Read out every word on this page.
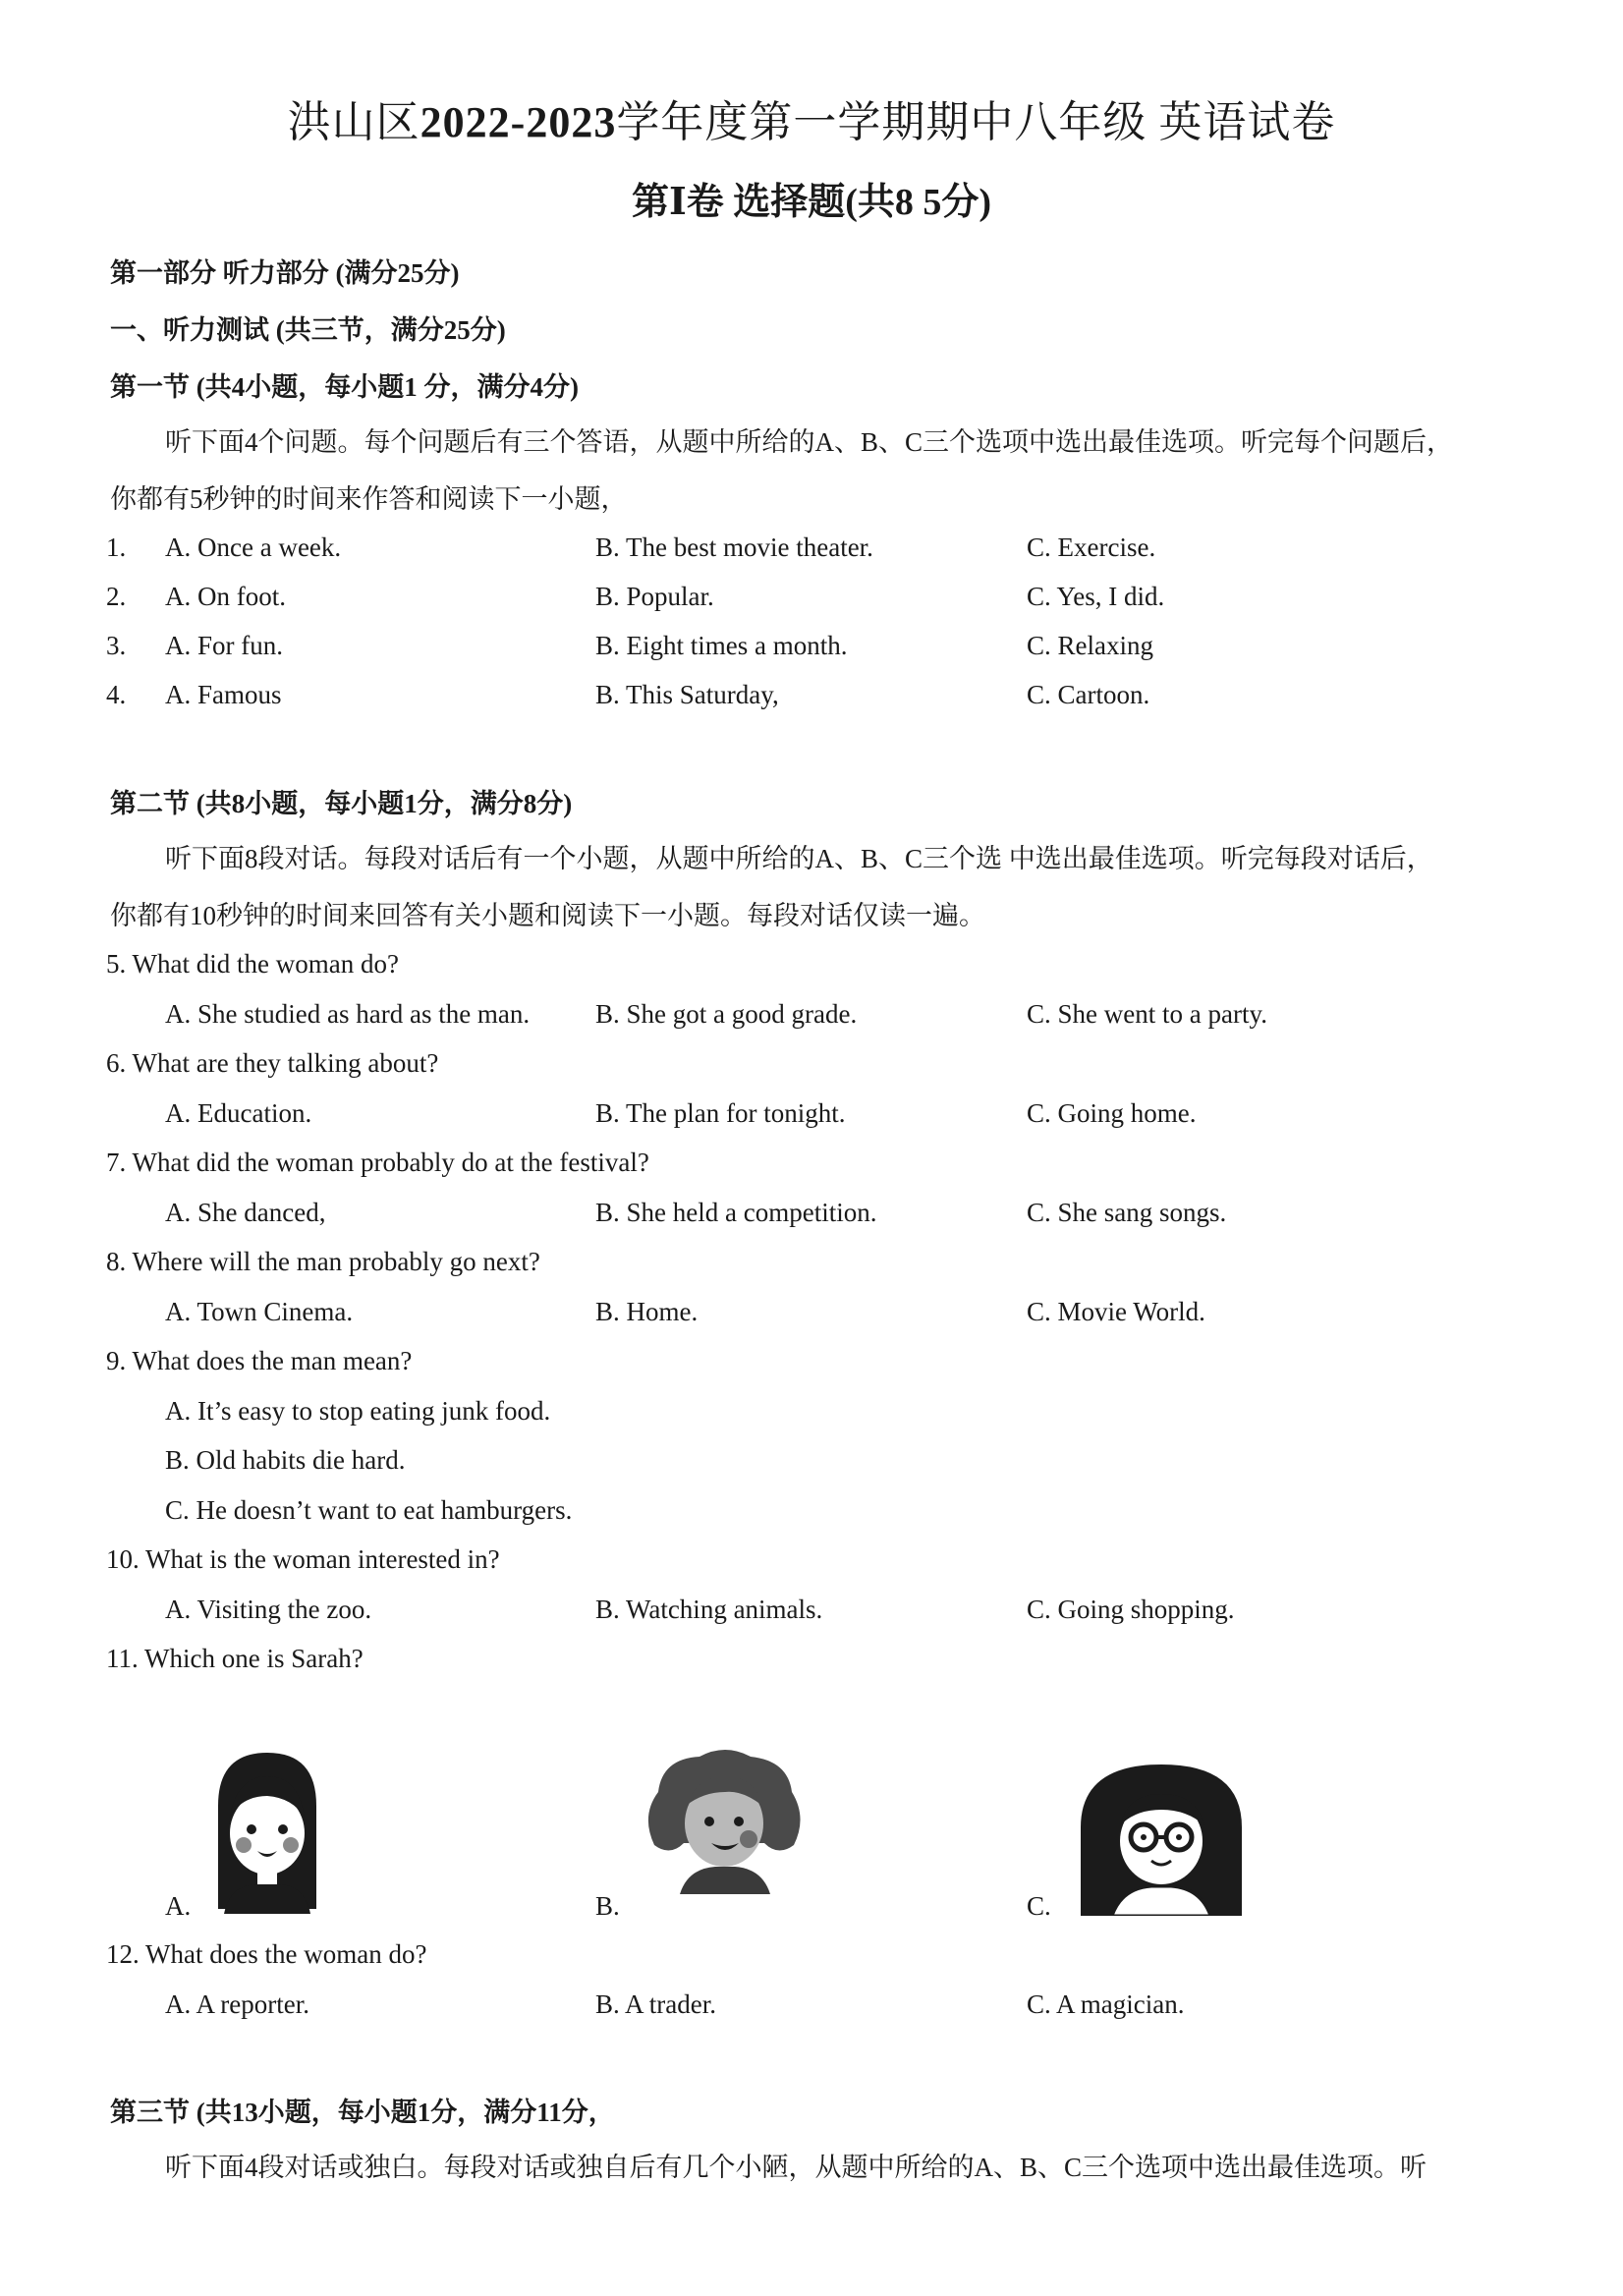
洪山区2022-2023学年度第一学期期中八年级 英语试卷
第Ⅰ卷 选择题(共8 5分)
第一部分 听力部分 (满分25分)
一、听力测试 (共三节，满分25分)
第一节 (共4小题，每小题1 分，满分4分)
听下面4个问题。每个问题后有三个答语，从题中所给的A、B、C三个选项中选出最佳选项。听完每个问题后，
你都有5秒钟的时间来作答和阅读下一小题，
1. A. Once a week.	B. The best movie theater.	C. Exercise.
2. A. On foot.	B. Popular.	C. Yes, I did.
3. A. For fun.	B. Eight times a month.	C. Relaxing
4. A. Famous	B. This Saturday,	C. Cartoon.
第二节 (共8小题，每小题1分，满分8分)
听下面8段对话。每段对话后有一个小题，从题中所给的A、B、C三个选 中选出最佳选项。听完每段对话后，
你都有10秒钟的时间来回答有关小题和阅读下一小题。每段对话仅读一遍。
5. What did the woman do?
A. She studied as hard as the man. B. She got a good grade.	C. She went to a party.
6. What are they talking about?
A. Education.	B. The plan for tonight.	C. Going home.
7. What did the woman probably do at the festival?
A. She danced,	B. She held a competition.	C. She sang songs.
8. Where will the man probably go next?
A. Town Cinema.	B. Home.	C. Movie World.
9. What does the man mean?
A. It’s easy to stop eating junk food.
B. Old habits die hard.
C. He doesn’t want to eat hamburgers.
10. What is the woman interested in?
A. Visiting the zoo.	B. Watching animals.	C. Going shopping.
11. Which one is Sarah?
A.	B.	C.
12. What does the woman do?
A. A reporter.	B. A trader.	C. A magician.
第三节 (共13小题，每小题1分，满分11分，
听下面4段对话或独白。每段对话或独自后有几个小陋，从题中所给的A、B、C三个选项中选出最佳选项。听
